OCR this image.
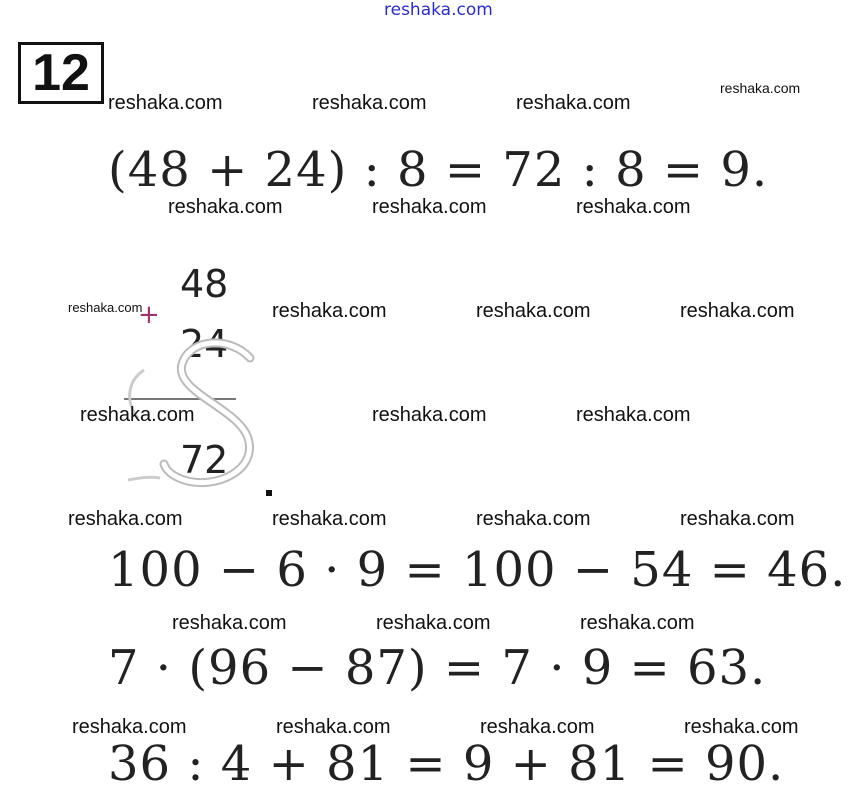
reshaka.com
12
reshaka.com	reshaka.com	reshaka.com
reshaka.com
(48 + 24) : 8 = 72 : 8 = 9.
reshaka.com	reshaka.com	reshaka.com
48
+
24
72
reshaka.com	reshaka.com	reshaka.com	reshaka.com
reshaka.com	reshaka.com	reshaka.com
reshaka.com	reshaka.com	reshaka.com	reshaka.com
100 − 6 · 9 = 100 − 54 = 46.
reshaka.com	reshaka.com	reshaka.com
7 · (96 − 87) = 7 · 9 = 63.
reshaka.com	reshaka.com	reshaka.com	reshaka.com
36 : 4 + 81 = 9 + 81 = 90.
